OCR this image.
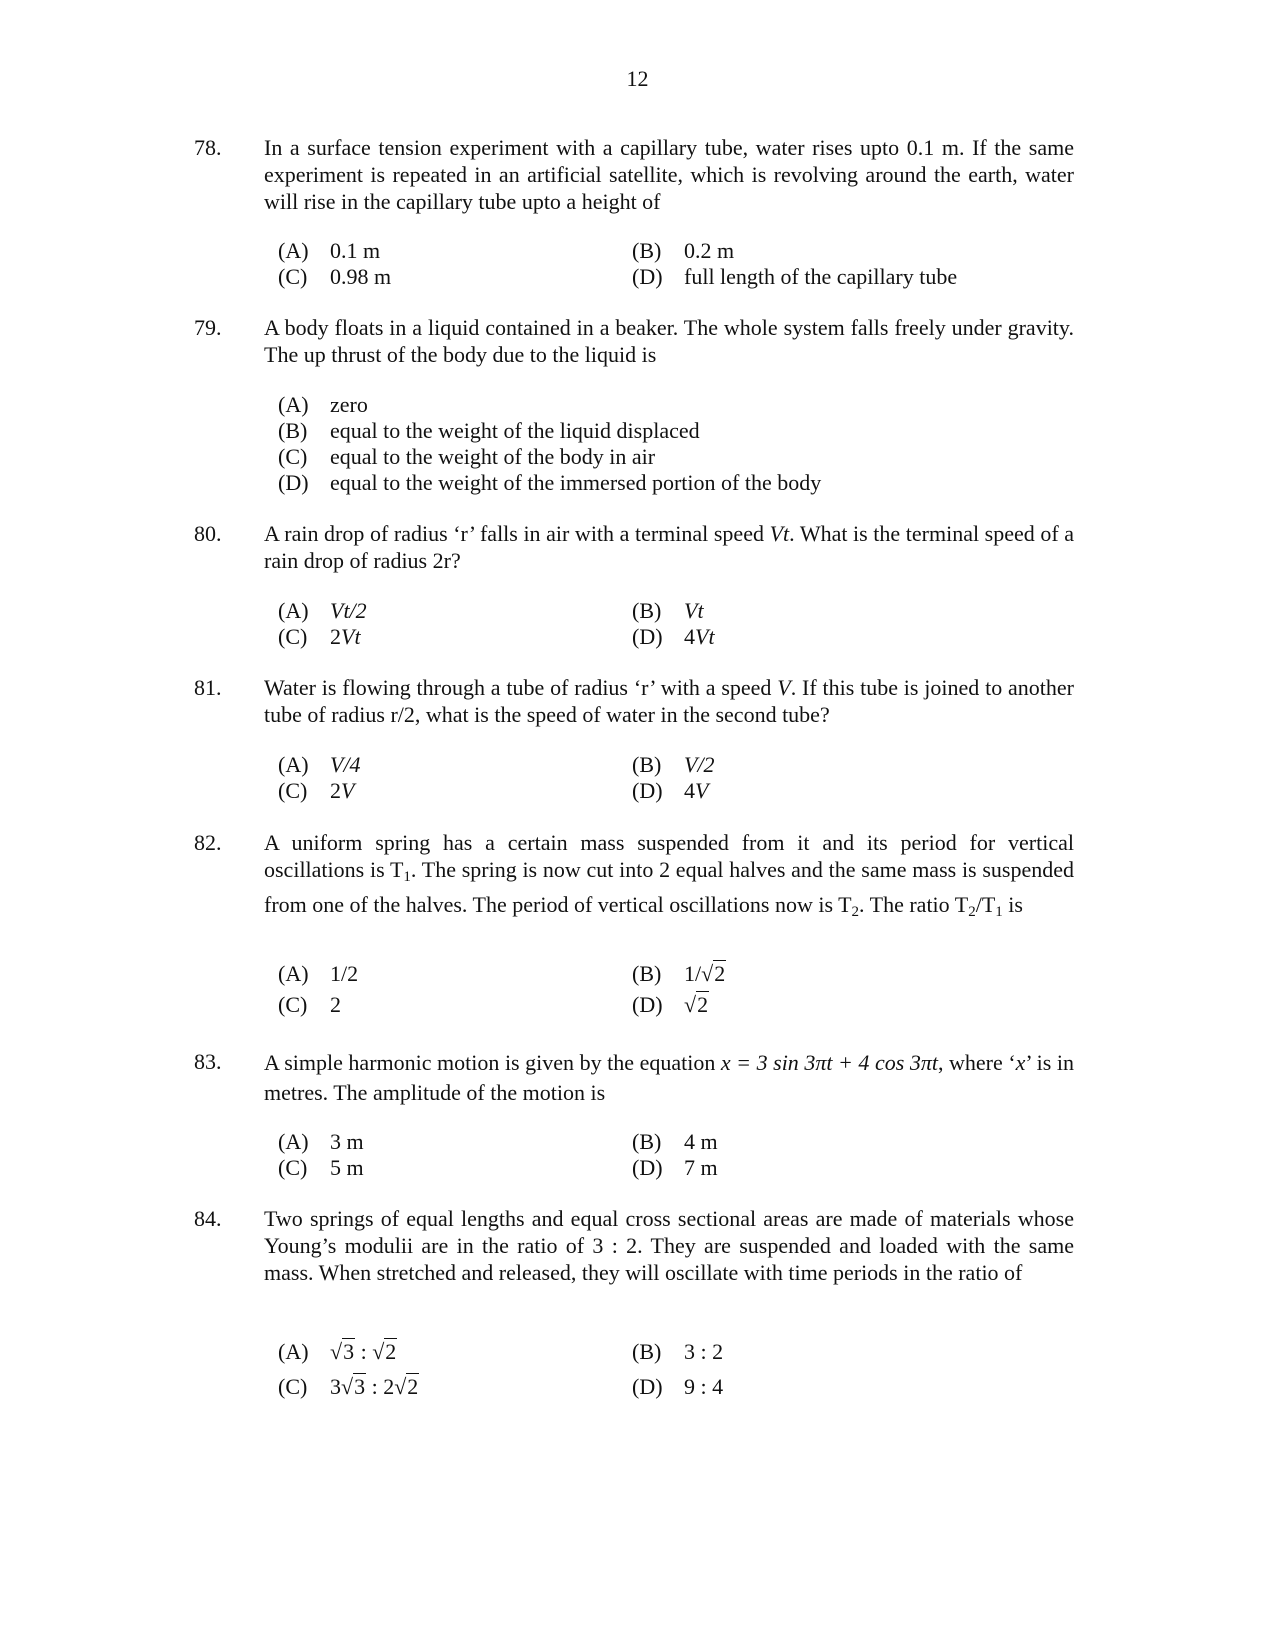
12
78.	In a surface tension experiment with a capillary tube, water rises upto 0.1 m. If the same experiment is repeated in an artificial satellite, which is revolving around the earth, water will rise in the capillary tube upto a height of
(A) 0.1 m	(B) 0.2 m
(C) 0.98 m	(D) full length of the capillary tube
79.	A body floats in a liquid contained in a beaker. The whole system falls freely under gravity. The up thrust of the body due to the liquid is
(A) zero
(B) equal to the weight of the liquid displaced
(C) equal to the weight of the body in air
(D) equal to the weight of the immersed portion of the body
80.	A rain drop of radius ‘r’ falls in air with a terminal speed Vt. What is the terminal speed of a rain drop of radius 2r?
(A) Vt/2	(B) Vt
(C) 2Vt	(D) 4Vt
81.	Water is flowing through a tube of radius ‘r’ with a speed V. If this tube is joined to another tube of radius r/2, what is the speed of water in the second tube?
(A) V/4	(B) V/2
(C) 2V	(D) 4V
82.	A uniform spring has a certain mass suspended from it and its period for vertical oscillations is $T_1$. The spring is now cut into 2 equal halves and the same mass is suspended from one of the halves. The period of vertical oscillations now is $T_2$. The ratio $T_2/T_1$ is
(A) 1/2	(B) 1/√2
(C) 2	(D) √2
83.	A simple harmonic motion is given by the equation x = 3 sin 3πt + 4 cos 3πt, where ‘x’ is in metres. The amplitude of the motion is
(A) 3 m	(B) 4 m
(C) 5 m	(D) 7 m
84.	Two springs of equal lengths and equal cross sectional areas are made of materials whose Young’s modulii are in the ratio of 3 : 2. They are suspended and loaded with the same mass. When stretched and released, they will oscillate with time periods in the ratio of
(A) √3 : √2	(B) 3 : 2
(C) 3√3 : 2√2	(D) 9 : 4
